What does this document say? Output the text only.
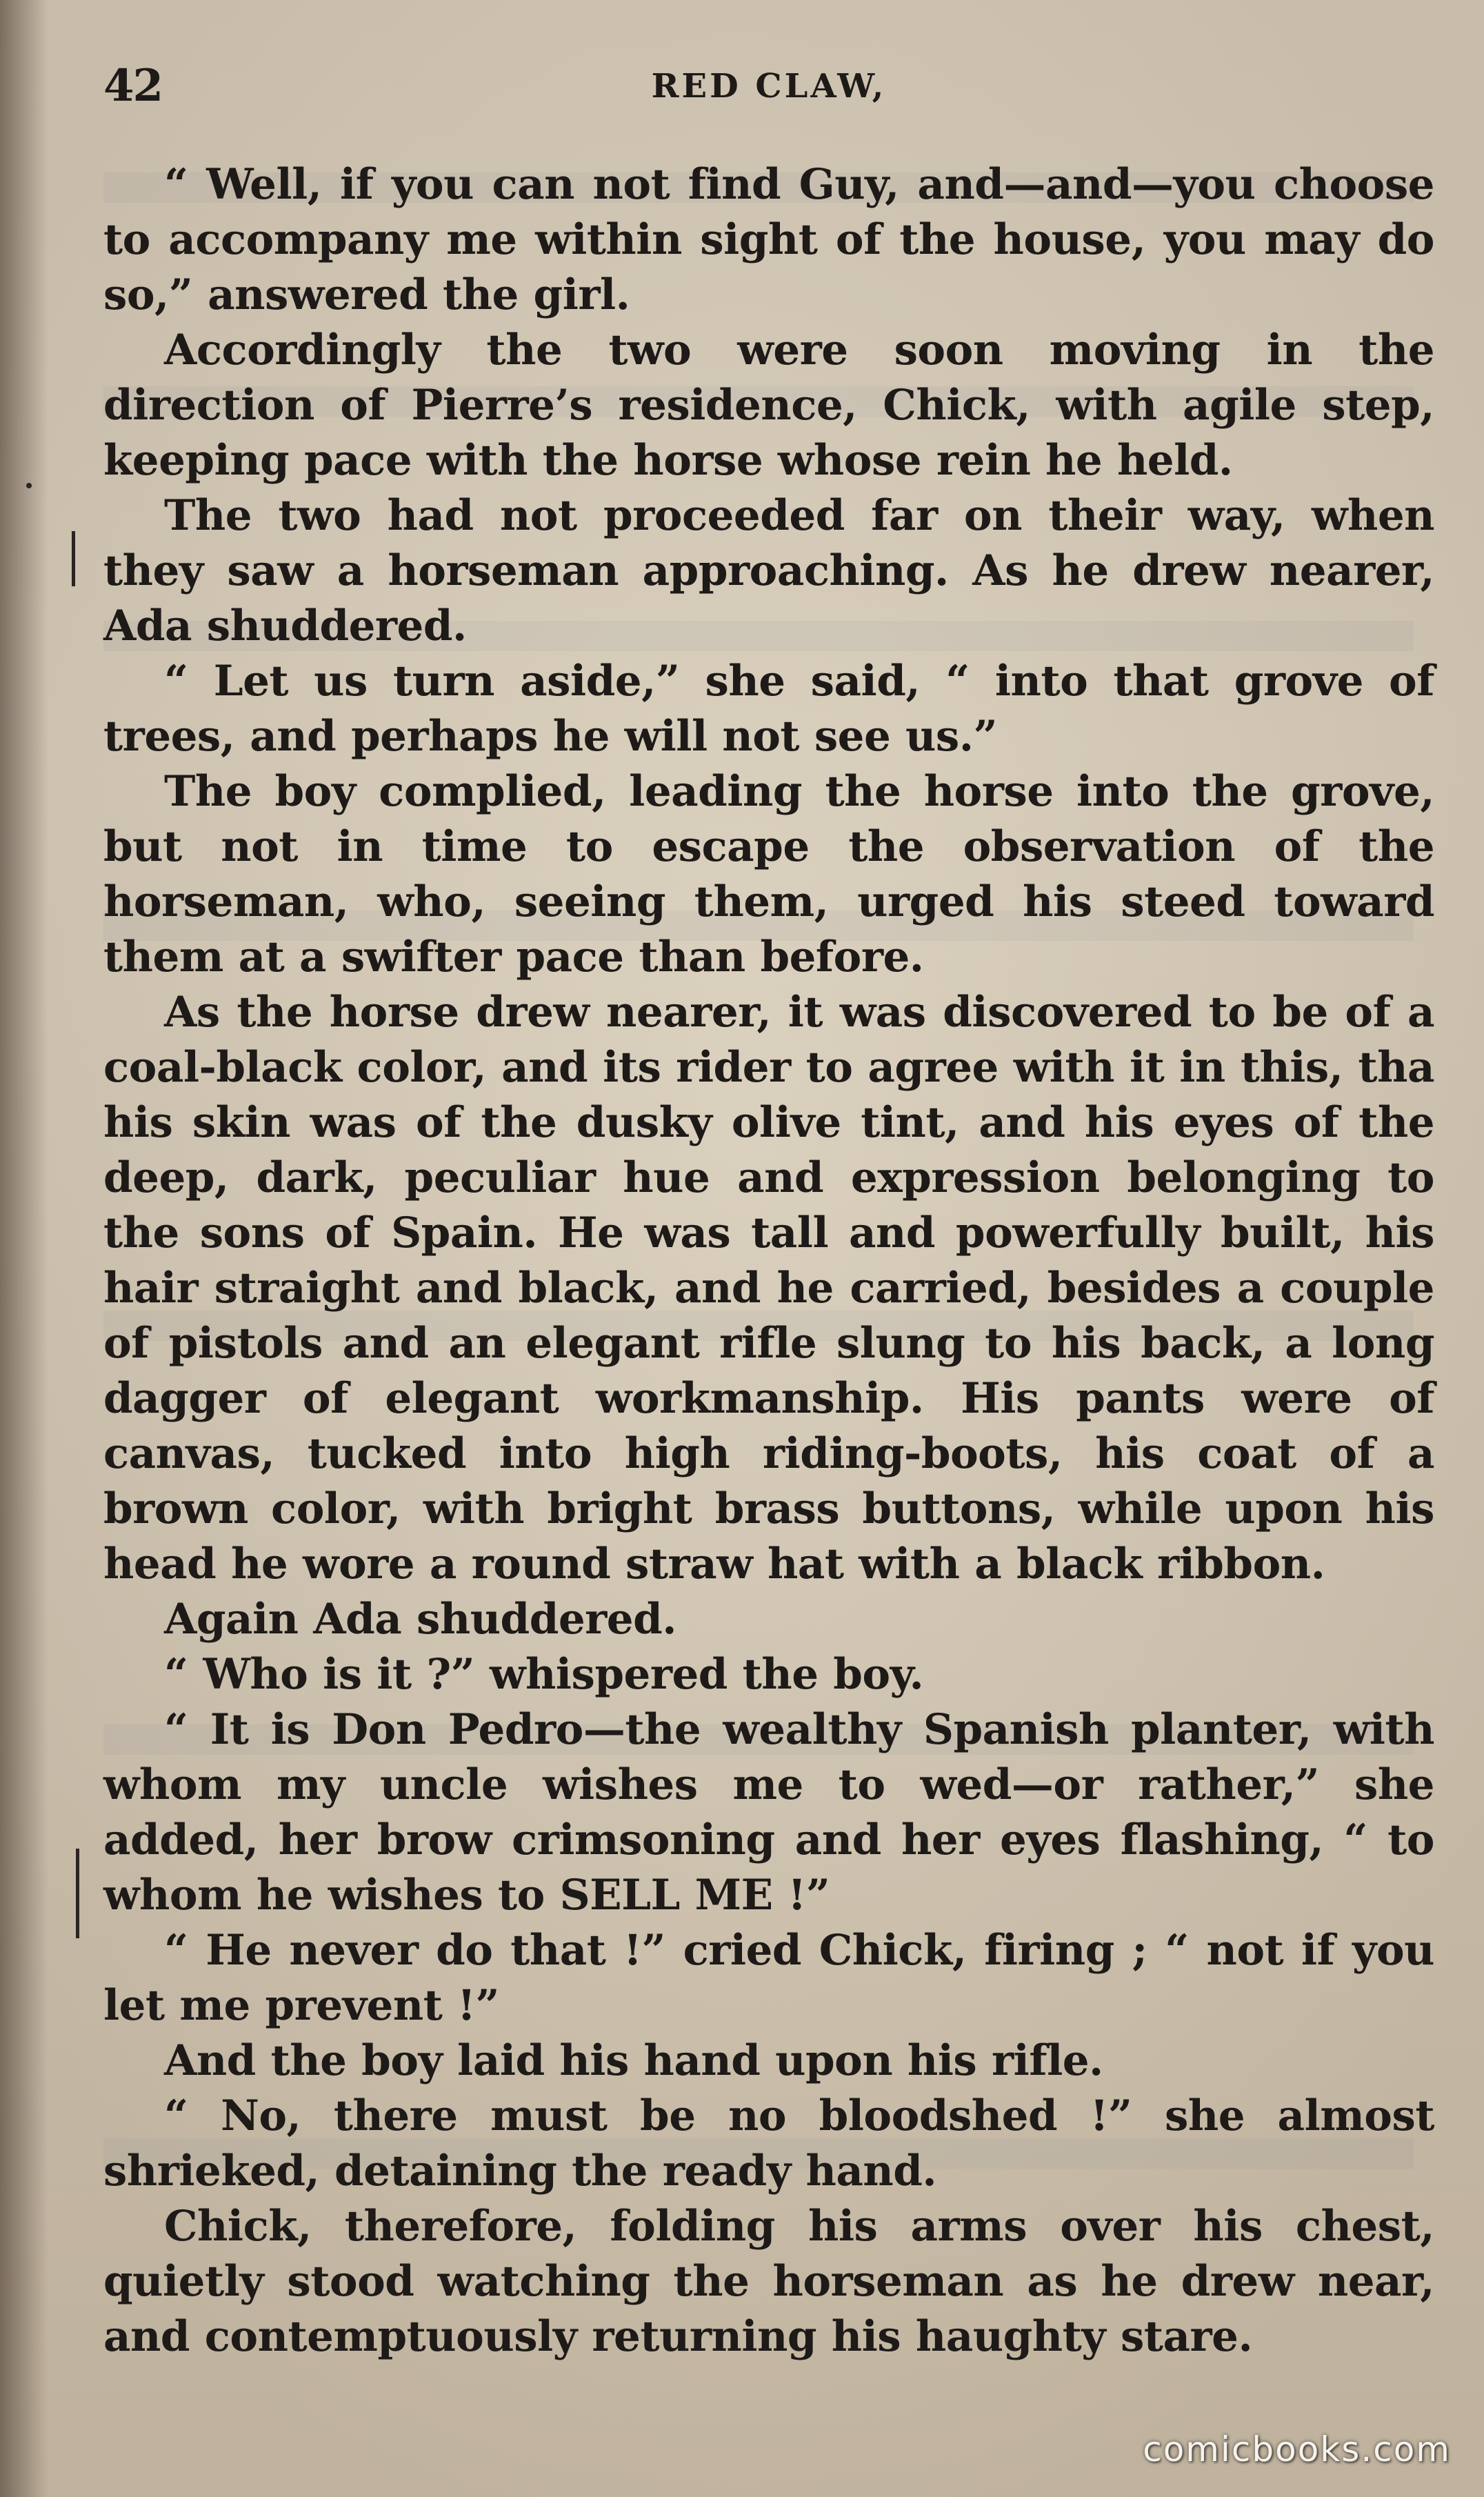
42	RED CLAW,

“ Well, if you can not find Guy, and—and—you choose to accompany me within sight of the house, you may do so,” answered the girl.

Accordingly the two were soon moving in the direction of Pierre’s residence, Chick, with agile step, keeping pace with the horse whose rein he held.

The two had not proceeded far on their way, when they saw a horseman approaching. As he drew nearer, Ada shuddered.

“ Let us turn aside,” she said, “ into that grove of trees, and perhaps he will not see us.”

The boy complied, leading the horse into the grove, but not in time to escape the observation of the horseman, who, seeing them, urged his steed toward them at a swifter pace than before.

As the horse drew nearer, it was discovered to be of a coal-black color, and its rider to agree with it in this, tha his skin was of the dusky olive tint, and his eyes of the deep, dark, peculiar hue and expression belonging to the sons of Spain. He was tall and powerfully built, his hair straight and black, and he carried, besides a couple of pistols and an elegant rifle slung to his back, a long dagger of elegant workmanship. His pants were of canvas, tucked into high riding-boots, his coat of a brown color, with bright brass buttons, while upon his head he wore a round straw hat with a black ribbon.

Again Ada shuddered.

“ Who is it ?” whispered the boy.

“ It is Don Pedro—the wealthy Spanish planter, with whom my uncle wishes me to wed—or rather,” she added, her brow crimsoning and her eyes flashing, “ to whom he wishes to SELL ME !”

“ He never do that !” cried Chick, firing ; “ not if you let me prevent !”

And the boy laid his hand upon his rifle.

“ No, there must be no bloodshed !” she almost shrieked, detaining the ready hand.

Chick, therefore, folding his arms over his chest, quietly stood watching the horseman as he drew near, and contemptuously returning his haughty stare.

comicbooks.com
